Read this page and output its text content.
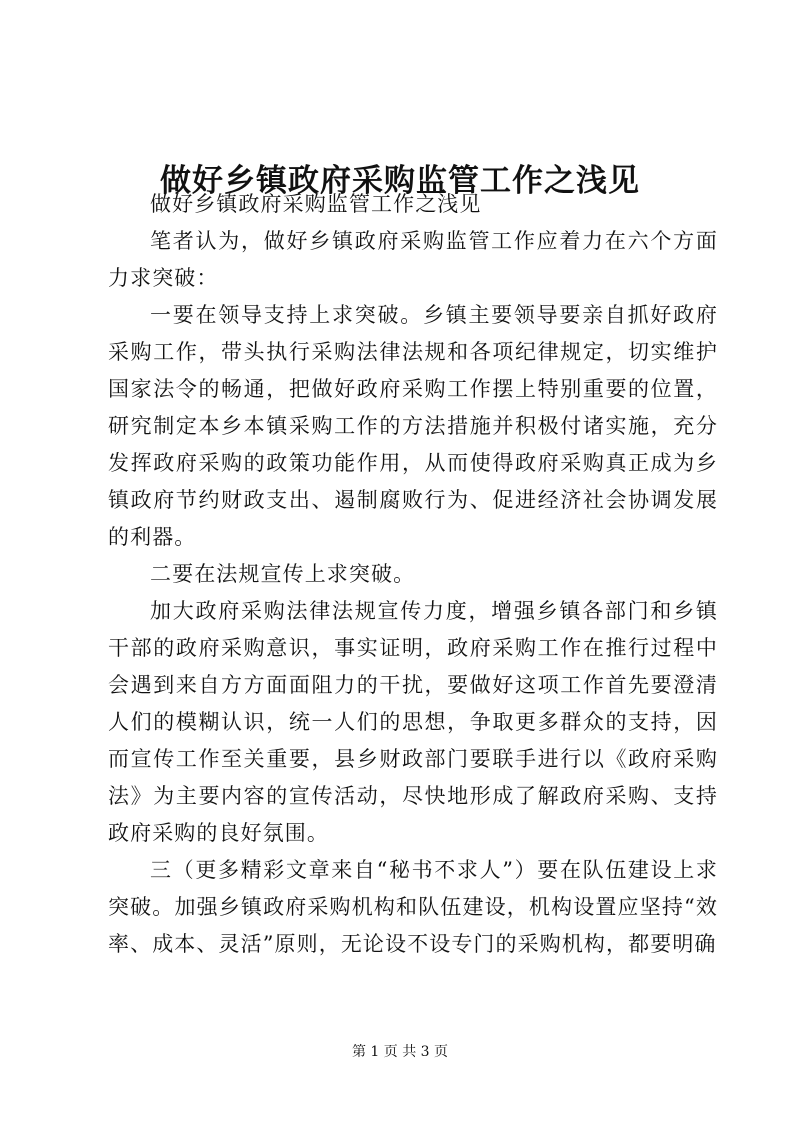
做好乡镇政府采购监管工作之浅见

做好乡镇政府采购监管工作之浅见

笔者认为，做好乡镇政府采购监管工作应着力在六个方面力求突破：

一要在领导支持上求突破。乡镇主要领导要亲自抓好政府采购工作，带头执行采购法律法规和各项纪律规定，切实维护国家法令的畅通，把做好政府采购工作摆上特别重要的位置，研究制定本乡本镇采购工作的方法措施并积极付诸实施，充分发挥政府采购的政策功能作用，从而使得政府采购真正成为乡镇政府节约财政支出、遏制腐败行为、促进经济社会协调发展的利器。

二要在法规宣传上求突破。

加大政府采购法律法规宣传力度，增强乡镇各部门和乡镇干部的政府采购意识，事实证明，政府采购工作在推行过程中会遇到来自方方面面阻力的干扰，要做好这项工作首先要澄清人们的模糊认识，统一人们的思想，争取更多群众的支持，因而宣传工作至关重要，县乡财政部门要联手进行以《政府采购法》为主要内容的宣传活动，尽快地形成了解政府采购、支持政府采购的良好氛围。

三（更多精彩文章来自“秘书不求人”）要在队伍建设上求突破。加强乡镇政府采购机构和队伍建设，机构设置应坚持“效率、成本、灵活”原则，无论设不设专门的采购机构，都要明确

第 1 页 共 3 页
